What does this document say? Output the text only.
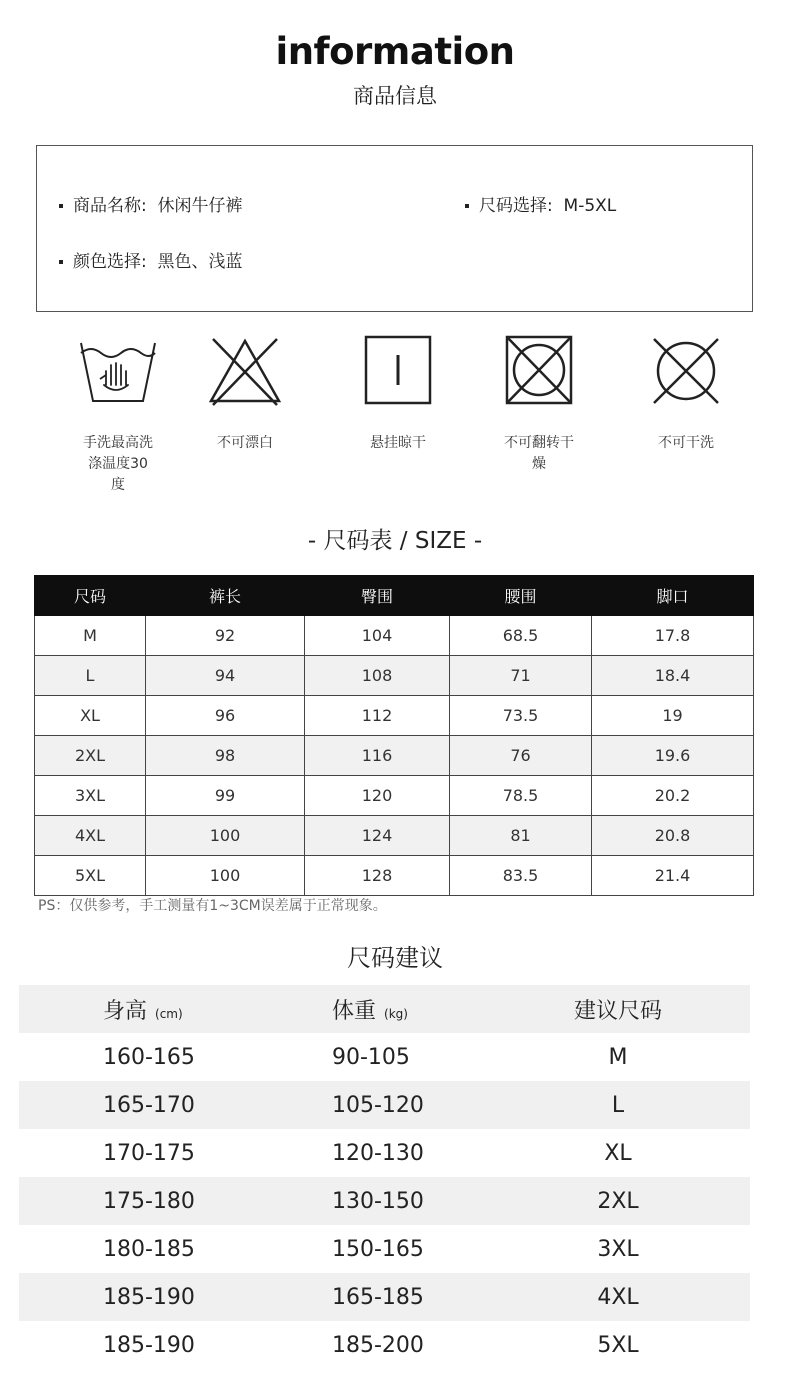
information
商品信息
商品名称: 休闲牛仔裤	尺码选择: M-5XL
颜色选择: 黑色、浅蓝
手洗最高洗
涤温度30
度
不可漂白	悬挂晾干	不可翻转干
燥
不可干洗
- 尺码表 / SIZE -
尺码	裤长	臀围	腰围	脚口
M	92	104	68.5	17.8
L	94	108	71	18.4
XL	96	112	73.5	19
2XL	98	116	76	19.6
3XL	99	120	78.5	20.2
4XL	100	124	81	20.8
5XL	100	128	83.5	21.4
PS：仅供参考，手工测量有1~3CM误差属于正常现象。
尺码建议
身高 (cm)	体重 (kg)	建议尺码
160-165	90-105	M
165-170	105-120	L
170-175	120-130	XL
175-180	130-150	2XL
180-185	150-165	3XL
185-190	165-185	4XL
185-190	185-200	5XL
